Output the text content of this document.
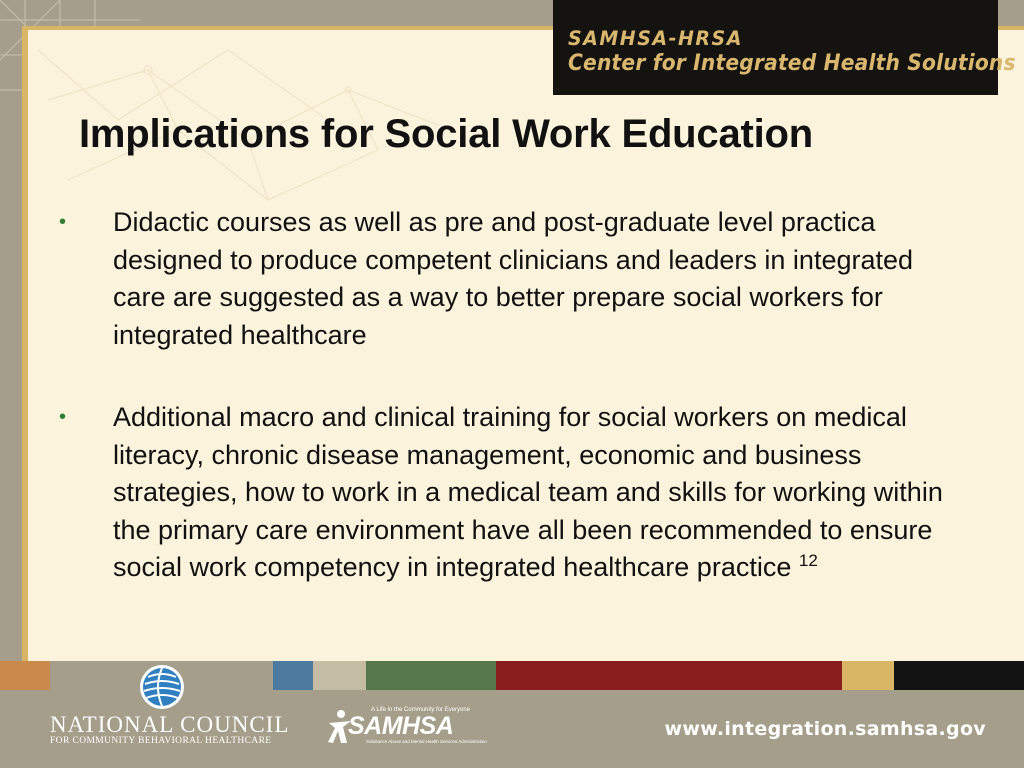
SAMHSA-HRSA
Center for Integrated Health Solutions
Implications for Social Work Education
• Didactic courses as well as pre and post-graduate level practica designed to produce competent clinicians and leaders in integrated care are suggested as a way to better prepare social workers for integrated healthcare
• Additional macro and clinical training for social workers on medical literacy, chronic disease management, economic and business strategies, how to work in a medical team and skills for working within the primary care environment have all been recommended to ensure social work competency in integrated healthcare practice $^{12}$
NATIONAL COUNCIL
FOR COMMUNITY BEHAVIORAL HEALTHCARE
A Life in the Community for Everyone
SAMHSA
Substance Abuse and Mental Health Services Administration
www.integration.samhsa.gov
